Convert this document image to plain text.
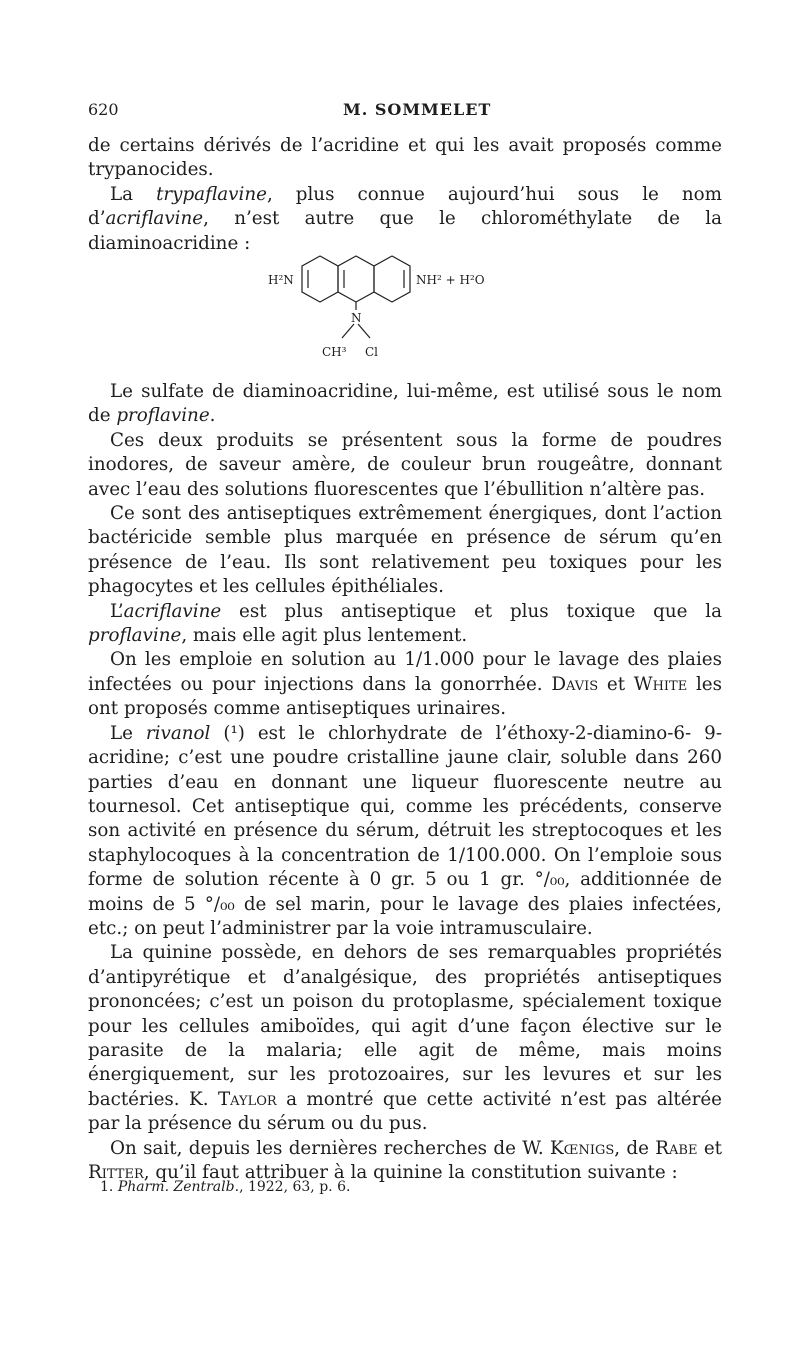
620	M. SOMMELET

de certains dérivés de l’acridine et qui les avait proposés comme trypanocides.

La trypaflavine, plus connue aujourd’hui sous le nom d’acriflavine, n’est autre que le chlorométhylate de la diaminoacridine :

H²N	NH² + H²O
N
CH³ Cl

Le sulfate de diaminoacridine, lui-même, est utilisé sous le nom de proflavine.

Ces deux produits se présentent sous la forme de poudres inodores, de saveur amère, de couleur brun rougeâtre, donnant avec l’eau des solutions fluorescentes que l’ébullition n’altère pas.

Ce sont des antiseptiques extrêmement énergiques, dont l’action bactéricide semble plus marquée en présence de sérum qu’en présence de l’eau. Ils sont relativement peu toxiques pour les phagocytes et les cellules épithéliales.

L’acriflavine est plus antiseptique et plus toxique que la proflavine, mais elle agit plus lentement.

On les emploie en solution au 1/1.000 pour le lavage des plaies infectées ou pour injections dans la gonorrhée. Davis et White les ont proposés comme antiseptiques urinaires.

Le rivanol (¹) est le chlorhydrate de l’éthoxy-2-diamino-6- 9-acridine; c’est une poudre cristalline jaune clair, soluble dans 260 parties d’eau en donnant une liqueur fluorescente neutre au tournesol. Cet antiseptique qui, comme les précédents, conserve son activité en présence du sérum, détruit les streptocoques et les staphylocoques à la concentration de 1/100.000. On l’emploie sous forme de solution récente à 0 gr. 5 ou 1 gr. °/₀₀, additionnée de moins de 5 °/₀₀ de sel marin, pour le lavage des plaies infectées, etc.; on peut l’administrer par la voie intramusculaire.

La quinine possède, en dehors de ses remarquables propriétés d’antipyrétique et d’analgésique, des propriétés antiseptiques prononcées; c’est un poison du protoplasme, spécialement toxique pour les cellules amiboïdes, qui agit d’une façon élective sur le parasite de la malaria; elle agit de même, mais moins énergiquement, sur les protozoaires, sur les levures et sur les bactéries. K. Taylor a montré que cette activité n’est pas altérée par la présence du sérum ou du pus.

On sait, depuis les dernières recherches de W. Kœnigs, de Rabe et Ritter, qu’il faut attribuer à la quinine la constitution suivante :

1. Pharm. Zentralb., 1922, 63, p. 6.
